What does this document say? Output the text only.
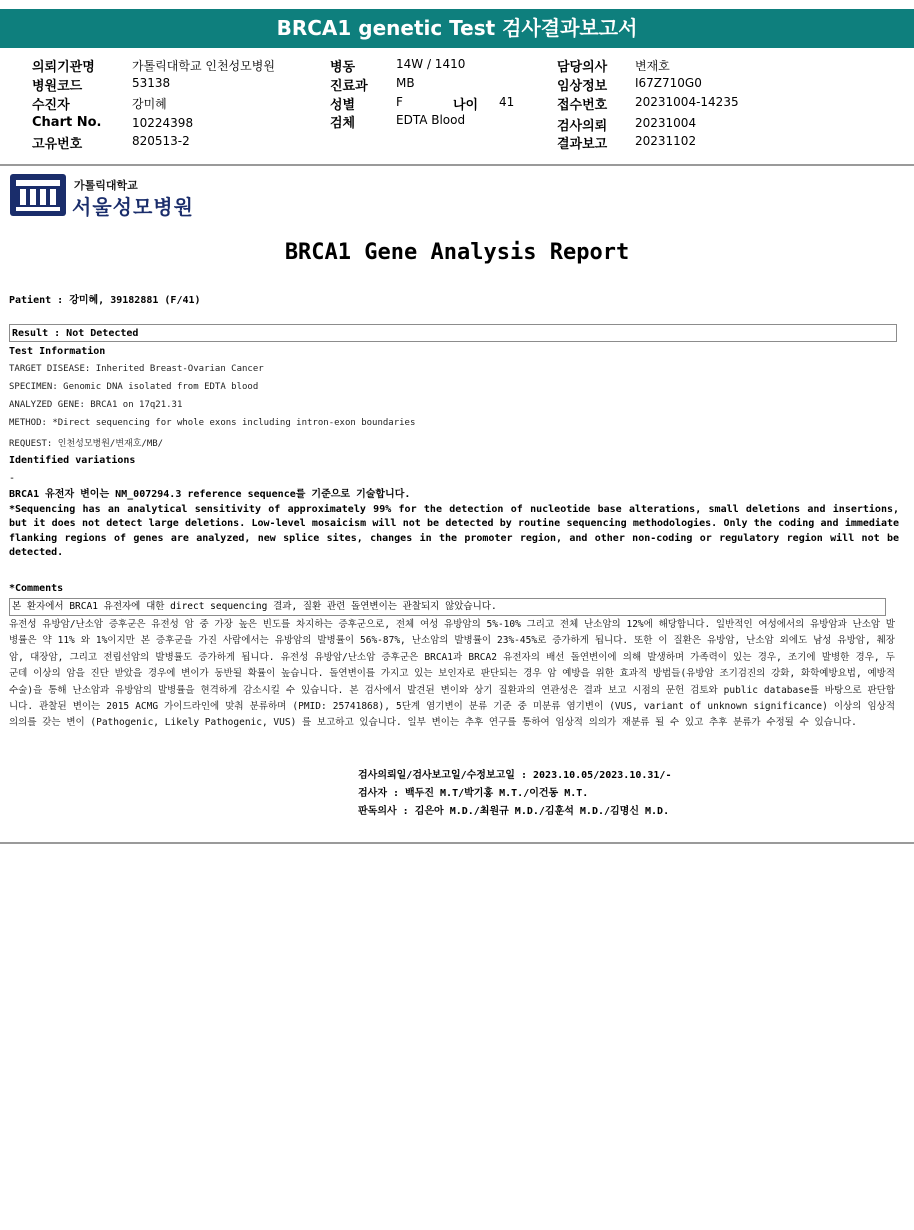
BRCA1 genetic Test 검사결과보고서
의뢰기관명	가톨릭대학교 인천성모병원
병원코드	53138
수진자	강미혜
Chart No.	10224398
고유번호	820513-2
병동	14W / 1410
진료과 MB
성별	F	나이 41
검체	EDTA Blood
담당의사 변재호
임상정보 I67Z710G0
접수번호 20231004-14235
검사의뢰 20231004
결과보고 20231102
가톨릭대학교
서울성모병원
BRCA1 Gene Analysis Report
Patient : 강미혜, 39182881 (F/41)
Result : Not Detected
Test Information
TARGET DISEASE: Inherited Breast-Ovarian Cancer
SPECIMEN: Genomic DNA isolated from EDTA blood
ANALYZED GENE: BRCA1 on 17q21.31
METHOD: *Direct sequencing for whole exons including intron-exon boundaries
REQUEST: 인천성모병원/변재호/MB/
Identified variations
-
BRCA1 유전자 변이는 NM_007294.3 reference sequence를 기준으로 기술합니다.
*Sequencing has an analytical sensitivity of approximately 99% for the detection of nucleotide base alterations, small deletions and insertions, but it does not detect large deletions. Low-level mosaicism will not be detected by routine sequencing methodologies. Only the coding and immediate flanking regions of genes are analyzed, new splice sites, changes in the promoter region, and other non-coding or regulatory region will not be detected.
*Comments
본 환자에서 BRCA1 유전자에 대한 direct sequencing 결과, 질환 관련 돌연변이는 관찰되지 않았습니다.
유전성 유방암/난소암 증후군은 유전성 암 중 가장 높은 빈도를 차지하는 증후군으로, 전체 여성 유방암의 5%-10% 그리고 전체 난소암의 12%에 해당합니다. 일반적인 여성에서의 유방암과 난소암 발병률은 약 11% 와 1%이지만 본 증후군을 가진 사람에서는 유방암의 발병률이 56%-87%, 난소암의 발병률이 23%-45%로 증가하게 됩니다. 또한 이 질환은 유방암, 난소암 외에도 남성 유방암, 췌장암, 대장암, 그리고 전립선암의 발병률도 증가하게 됩니다. 유전성 유방암/난소암 증후군은 BRCA1과 BRCA2 유전자의 배선 돌연변이에 의해 발생하며 가족력이 있는 경우, 조기에 발병한 경우, 두 군데 이상의 암을 진단 받았을 경우에 변이가 동반될 확률이 높습니다. 돌연변이를 가지고 있는 보인자로 판단되는 경우 암 예방을 위한 효과적 방법들(유방암 조기검진의 강화, 화학예방요법, 예방적 수술)을 통해 난소암과 유방암의 발병률을 현격하게 감소시킬 수 있습니다. 본 검사에서 발견된 변이와 상기 질환과의 연관성은 결과 보고 시점의 문헌 검토와 public database를 바탕으로 판단합니다. 관찰된 변이는 2015 ACMG 가이드라인에 맞춰 분류하며 (PMID: 25741868), 5단계 염기변이 분류 기준 중 미분류 염기변이 (VUS, variant of unknown significance) 이상의 임상적 의의를 갖는 변이 (Pathogenic, Likely Pathogenic, VUS) 를 보고하고 있습니다. 일부 변이는 추후 연구를 통하여 임상적 의의가 재분류 될 수 있고 추후 분류가 수정될 수 있습니다.
검사의뢰일/검사보고일/수정보고일 : 2023.10.05/2023.10.31/-
검사자 : 백두진 M.T/박기홍 M.T./이건동 M.T.
판독의사 : 김은아 M.D./최원규 M.D./김훈석 M.D./김명신 M.D.
